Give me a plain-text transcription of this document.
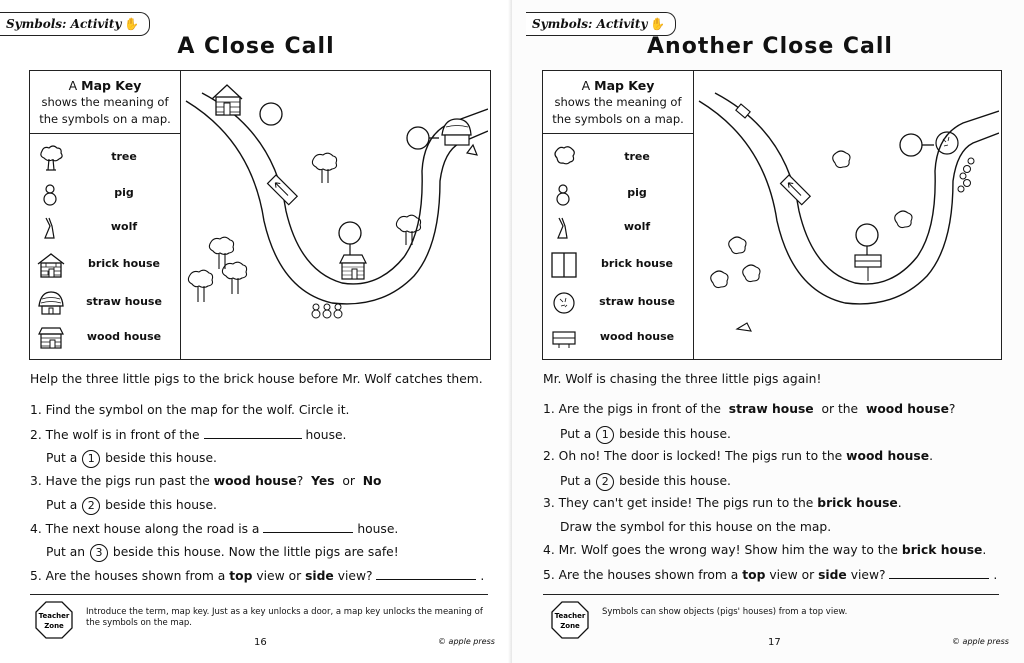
Symbols: Activity ✋
A Close Call
A Map Key
shows the meaning of
the symbols on a map.
tree
pig
wolf
brick house
straw house
wood house
Help the three little pigs to the brick house before Mr. Wolf catches them.
1. Find the symbol on the map for the wolf. Circle it.
2. The wolf is in front of the	house.
Put a 1 beside this house.
3. Have the pigs run past the wood house? Yes or No
Put a 2 beside this house.
4. The next house along the road is a	house.
Put an 3 beside this house. Now the little pigs are safe!
5. Are the houses shown from a top view or side view?	.
Teacher
Zone
Introduce the term, map key. Just as a key unlocks a door, a map key unlocks the meaning of
the symbols on the map.
16	© apple press
Symbols: Activity ✋
Another Close Call
A Map Key
shows the meaning of
the symbols on a map.
tree
pig
wolf
brick house
straw house
wood house
Mr. Wolf is chasing the three little pigs again!
1. Are the pigs in front of the straw house or the wood house?
Put a 1 beside this house.
2. Oh no! The door is locked! The pigs run to the wood house.
Put a 2 beside this house.
3. They can't get inside! The pigs run to the brick house.
Draw the symbol for this house on the map.
4. Mr. Wolf goes the wrong way! Show him the way to the brick house.
5. Are the houses shown from a top view or side view?	.
Teacher
Zone
Symbols can show objects (pigs' houses) from a top view.
17	© apple press
